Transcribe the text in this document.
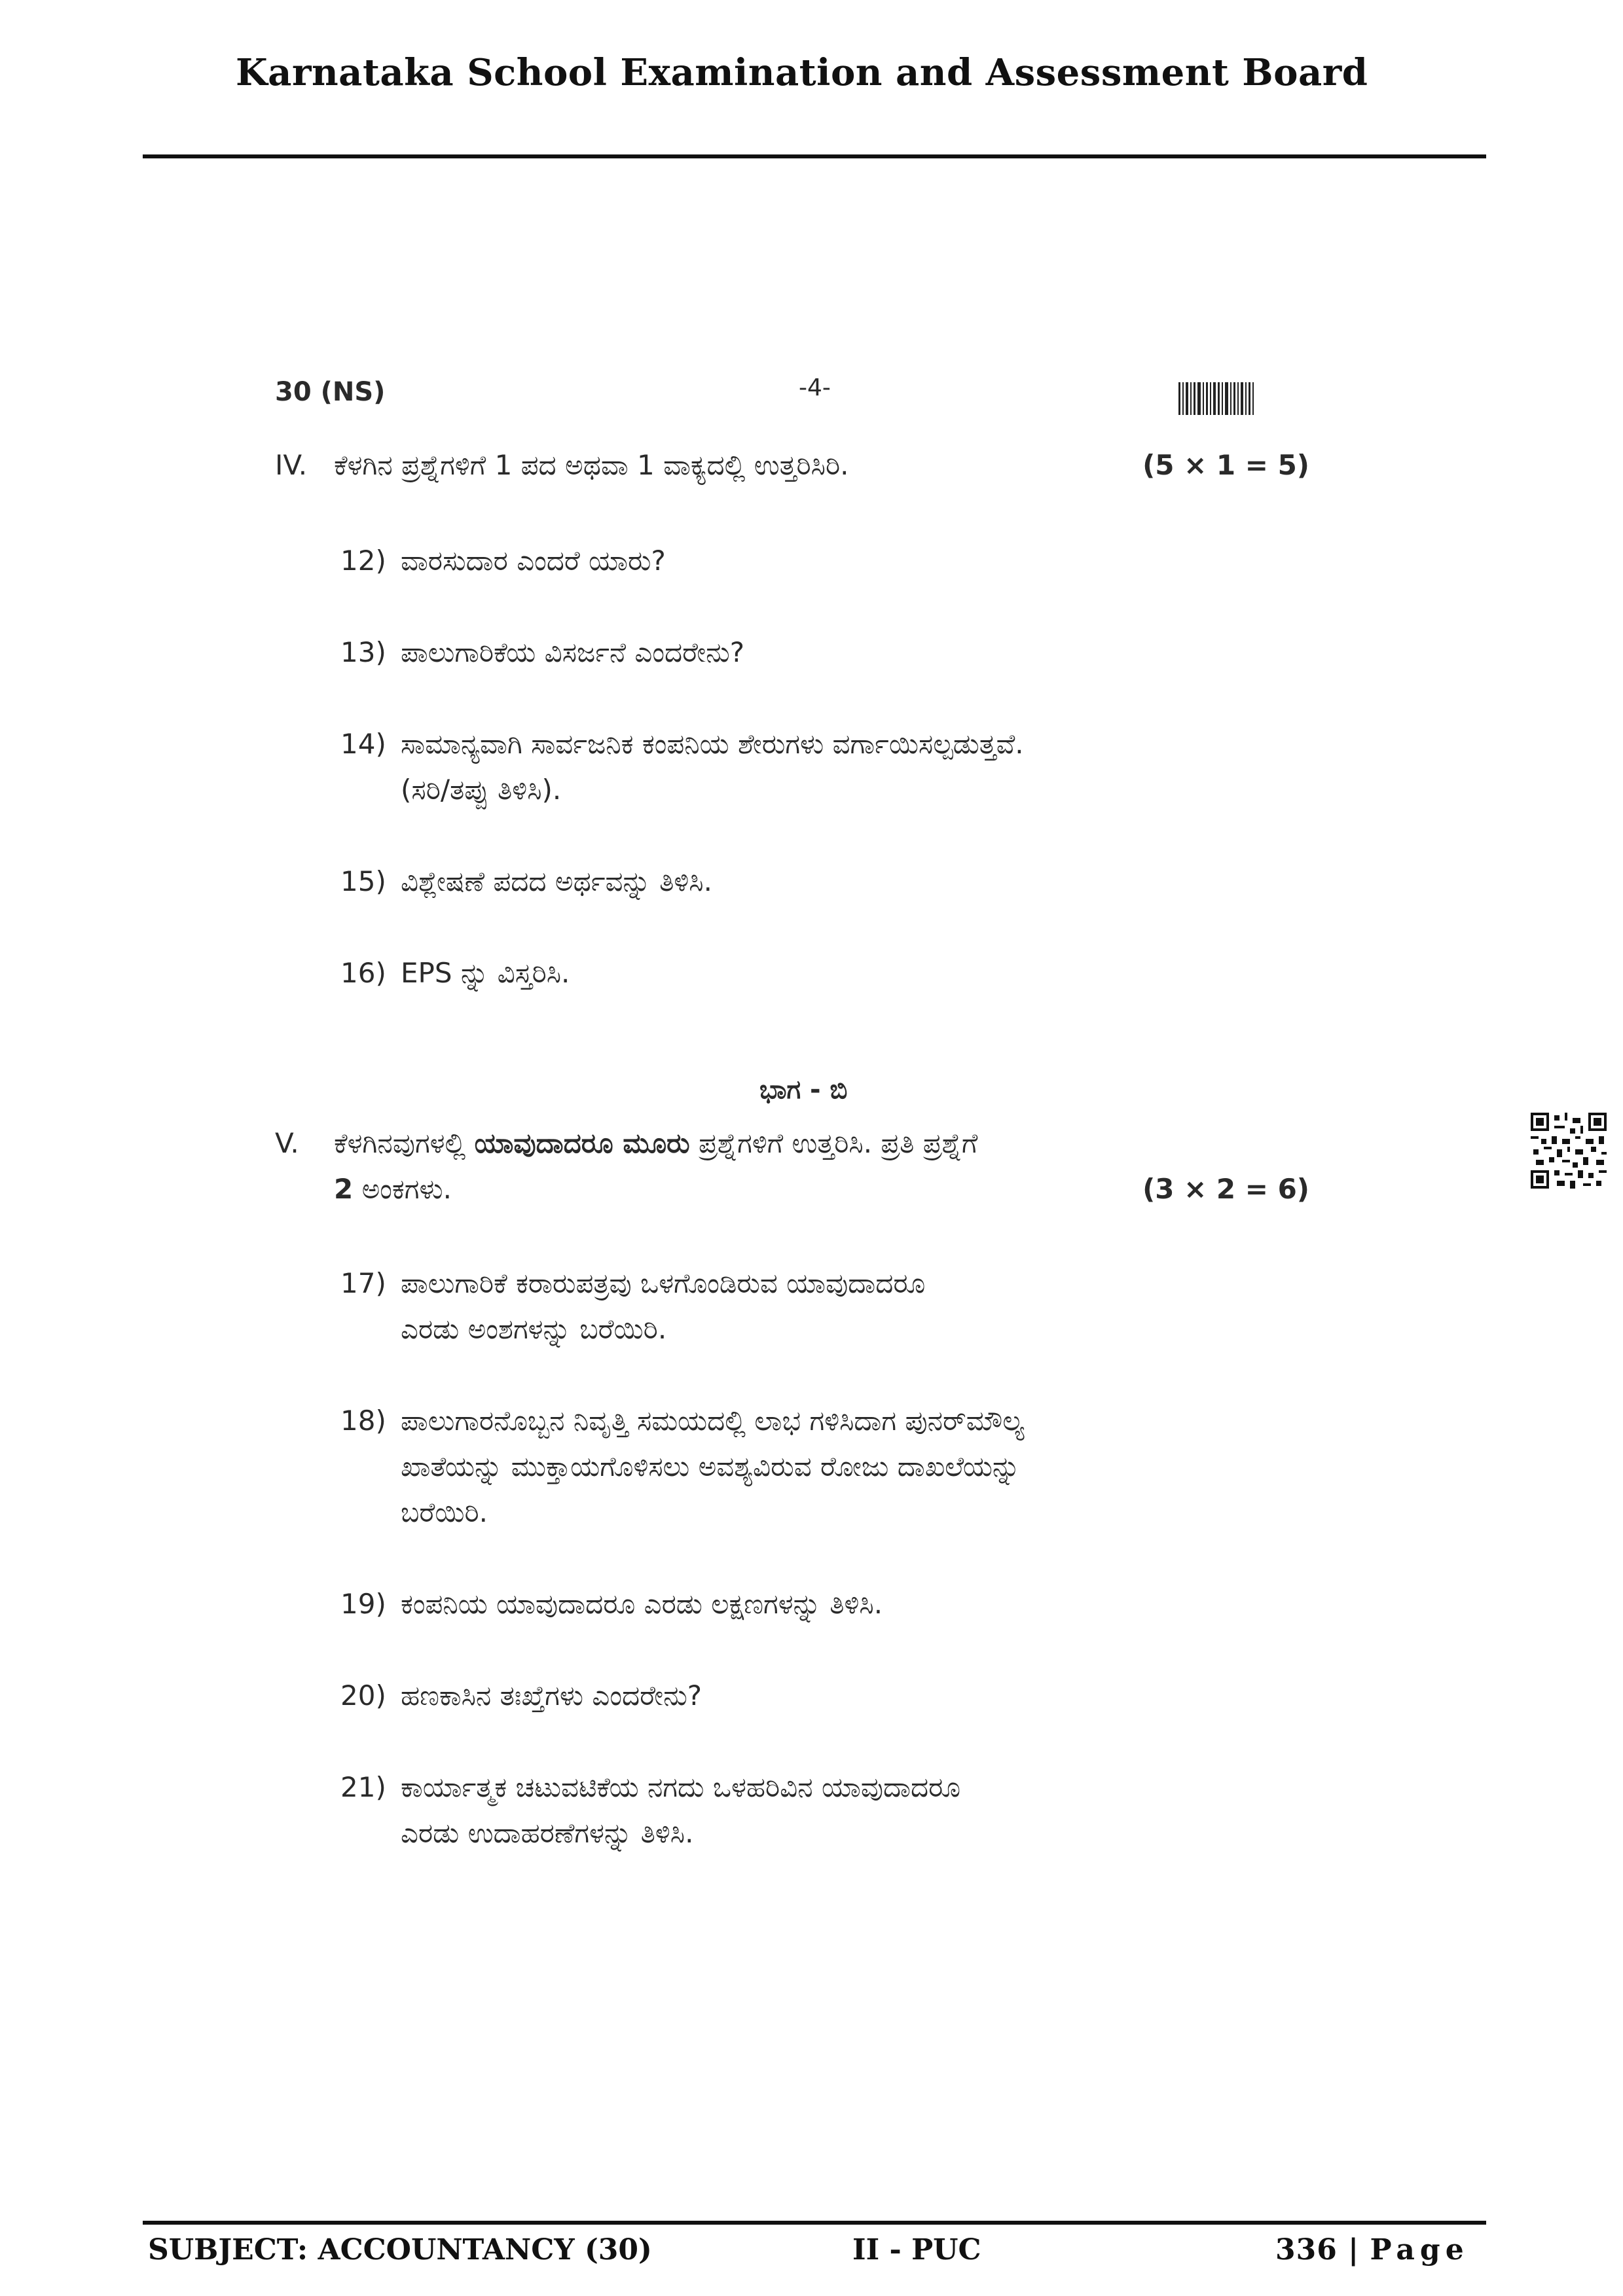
Karnataka School Examination and Assessment Board
30 (NS)	-4-
IV. ಕೆಳಗಿನ ಪ್ರಶ್ನೆಗಳಿಗೆ 1 ಪದ ಅಥವಾ 1 ವಾಕ್ಯದಲ್ಲಿ ಉತ್ತರಿಸಿರಿ.	(5 × 1 = 5)
12) ವಾರಸುದಾರ ಎಂದರೆ ಯಾರು?
13) ಪಾಲುಗಾರಿಕೆಯ ವಿಸರ್ಜನೆ ಎಂದರೇನು?
14) ಸಾಮಾನ್ಯವಾಗಿ ಸಾರ್ವಜನಿಕ ಕಂಪನಿಯ ಶೇರುಗಳು ವರ್ಗಾಯಿಸಲ್ಪಡುತ್ತವೆ.
(ಸರಿ/ತಪ್ಪು ತಿಳಿಸಿ).
15) ವಿಶ್ಲೇಷಣೆ ಪದದ ಅರ್ಥವನ್ನು ತಿಳಿಸಿ.
16) EPS ನ್ನು ವಿಸ್ತರಿಸಿ.
ಭಾಗ - ಬಿ
V. ಕೆಳಗಿನವುಗಳಲ್ಲಿ ಯಾವುದಾದರೂ ಮೂರು ಪ್ರಶ್ನೆಗಳಿಗೆ ಉತ್ತರಿಸಿ. ಪ್ರತಿ ಪ್ರಶ್ನೆಗೆ
2 ಅಂಕಗಳು.	(3 × 2 = 6)
17) ಪಾಲುಗಾರಿಕೆ ಕರಾರುಪತ್ರವು ಒಳಗೊಂಡಿರುವ ಯಾವುದಾದರೂ
ಎರಡು ಅಂಶಗಳನ್ನು ಬರೆಯಿರಿ.
18) ಪಾಲುಗಾರನೊಬ್ಬನ ನಿವೃತ್ತಿ ಸಮಯದಲ್ಲಿ ಲಾಭ ಗಳಿಸಿದಾಗ ಪುನರ್‌ಮೌಲ್ಯ
ಖಾತೆಯನ್ನು ಮುಕ್ತಾಯಗೊಳಿಸಲು ಅವಶ್ಯವಿರುವ ರೋಜು ದಾಖಲೆಯನ್ನು
ಬರೆಯಿರಿ.
19) ಕಂಪನಿಯ ಯಾವುದಾದರೂ ಎರಡು ಲಕ್ಷಣಗಳನ್ನು ತಿಳಿಸಿ.
20) ಹಣಕಾಸಿನ ತಃಖ್ತೆಗಳು ಎಂದರೇನು?
21) ಕಾರ್ಯಾತ್ಮಕ ಚಟುವಟಿಕೆಯ ನಗದು ಒಳಹರಿವಿನ ಯಾವುದಾದರೂ
ಎರಡು ಉದಾಹರಣೆಗಳನ್ನು ತಿಳಿಸಿ.
SUBJECT: ACCOUNTANCY (30)	II - PUC	336 | Page
